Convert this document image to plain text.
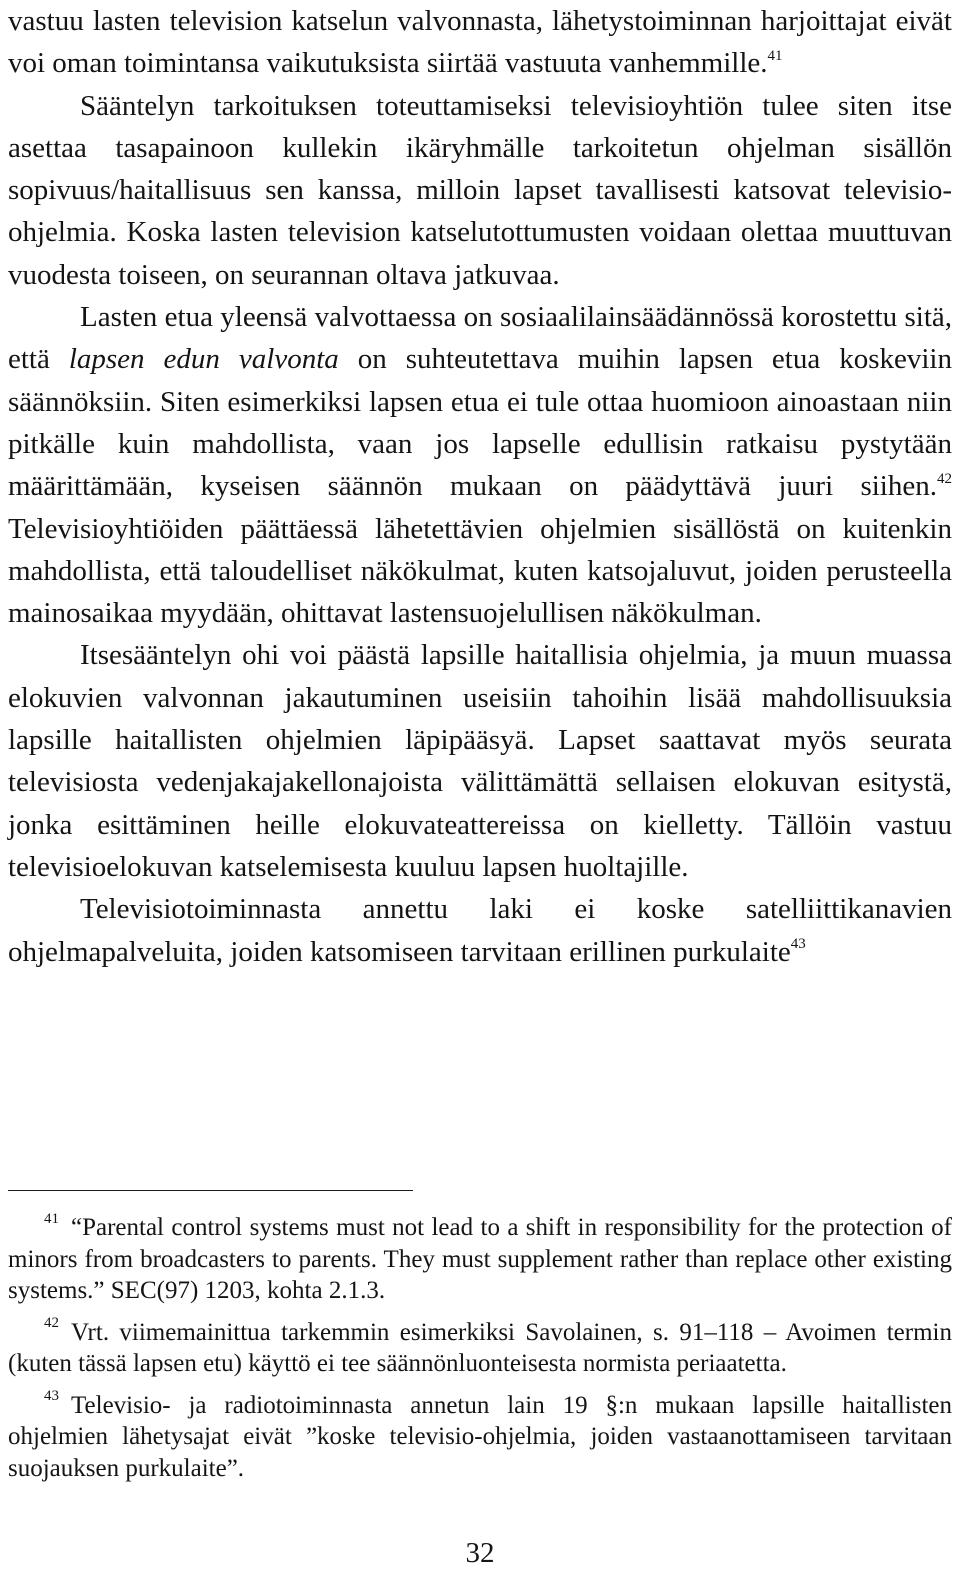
vastuu lasten television katselun valvonnasta, lähetystoiminnan harjoittajat eivät voi oman toimintansa vaikutuksista siirtää vastuuta vanhemmille.$^{41}$

Sääntelyn tarkoituksen toteuttamiseksi televisioyhtiön tulee siten itse asettaa tasapainoon kullekin ikäryhmälle tarkoitetun ohjelman sisällön sopivuus/haitallisuus sen kanssa, milloin lapset tavallisesti katsovat televisio-ohjelmia. Koska lasten television katselutottumusten voidaan olettaa muuttuvan vuodesta toiseen, on seurannan oltava jatkuvaa.

Lasten etua yleensä valvottaessa on sosiaalilainsäädännössä korostettu sitä, että lapsen edun valvonta on suhteutettava muihin lapsen etua koskeviin säännöksiin. Siten esimerkiksi lapsen etua ei tule ottaa huomioon ainoastaan niin pitkälle kuin mahdollista, vaan jos lapselle edullisin ratkaisu pystytään määrittämään, kyseisen säännön mukaan on päädyttävä juuri siihen.$^{42}$ Televisioyhtiöiden päättäessä lähetettävien ohjelmien sisällöstä on kuitenkin mahdollista, että taloudelliset näkökulmat, kuten katsojaluvut, joiden perusteella mainosaikaa myydään, ohittavat lastensuojelullisen näkökulman.

Itsesääntelyn ohi voi päästä lapsille haitallisia ohjelmia, ja muun muassa elokuvien valvonnan jakautuminen useisiin tahoihin lisää mahdollisuuksia lapsille haitallisten ohjelmien läpipääsyä. Lapset saattavat myös seurata televisiosta vedenjakajakellonajoista välittämättä sellaisen elokuvan esitystä, jonka esittäminen heille elokuvateattereissa on kielletty. Tällöin vastuu televisioelokuvan katselemisesta kuuluu lapsen huoltajille.

Televisiotoiminnasta annettu laki ei koske satelliittikanavien ohjelmapalveluita, joiden katsomiseen tarvitaan erillinen purkulaite$^{43}$

$^{41}$ “Parental control systems must not lead to a shift in responsibility for the protection of minors from broadcasters to parents. They must supplement rather than replace other existing systems.” SEC(97) 1203, kohta 2.1.3.

$^{42}$ Vrt. viimemainittua tarkemmin esimerkiksi Savolainen, s. 91–118 – Avoimen termin (kuten tässä lapsen etu) käyttö ei tee säännönluonteisesta normista periaatetta.

$^{43}$ Televisio- ja radiotoiminnasta annetun lain 19 §:n mukaan lapsille haitallisten ohjelmien lähetysajat eivät ”koske televisio-ohjelmia, joiden vastaanottamiseen tarvitaan suojauksen purkulaite”.

32
